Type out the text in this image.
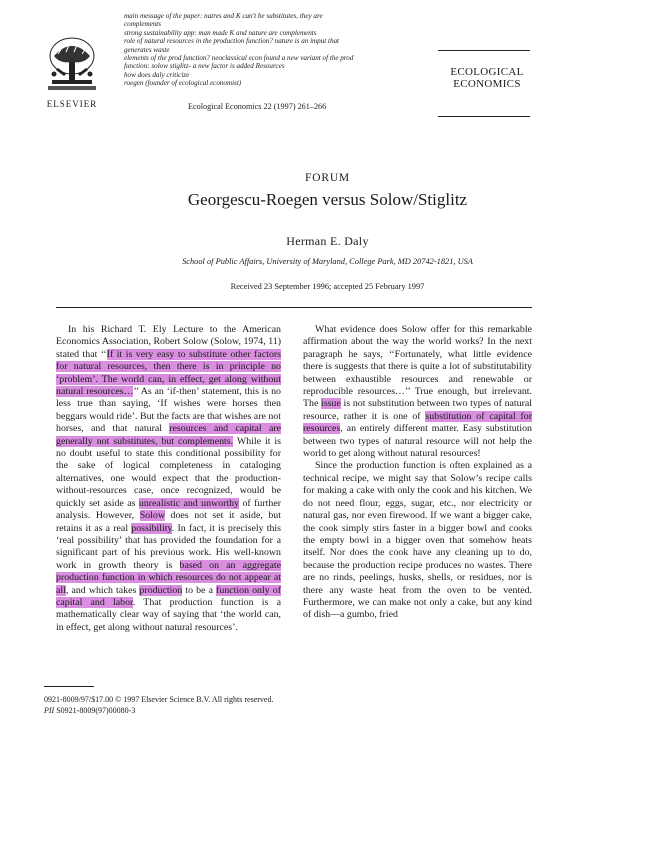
main message of the paper: natres and K can't be substitutes, they are
complements
strong sustainability app: man made K and nature are complements
role of natural resources in the production function? nature is an imput that
generates waste
elements of the prod function? neoclassical econ found a new variant of the prod
function: solow stiglitz- a new factor is added Resources
how does daly criticize
roegen (founder of ecological economist)
ELSEVIER	Ecological Economics 22 (1997) 261–266
ECOLOGICAL
ECONOMICS
FORUM
Georgescu-Roegen versus Solow/Stiglitz
Herman E. Daly
School of Public Affairs, University of Maryland, College Park, MD 20742-1821, USA
Received 23 September 1996; accepted 25 February 1997

In his Richard T. Ely Lecture to the American Economics Association, Robert Solow (Solow, 1974, 11) stated that ‘‘If it is very easy to substitute other factors for natural resources, then there is in principle no ‘problem’. The world can, in effect, get along without natural resources…’’ As an ‘if-then’ statement, this is no less true than saying, ‘If wishes were horses then beggars would ride’. But the facts are that wishes are not horses, and that natural resources and capital are generally not substitutes, but complements. While it is no doubt useful to state this conditional possibility for the sake of logical completeness in cataloging alternatives, one would expect that the production-without-resources case, once recognized, would be quickly set aside as unrealistic and unworthy of further analysis. However, Solow does not set it aside, but retains it as a real possibility. In fact, it is precisely this ‘real possibility’ that has provided the foundation for a significant part of his previous work. His well-known work in growth theory is based on an aggregate production function in which resources do not appear at all, and which takes production to be a function only of capital and labor. That production function is a mathematically clear way of saying that ‘the world can, in effect, get along without natural resources’.

What evidence does Solow offer for this remarkable affirmation about the way the world works? In the next paragraph he says, ‘‘Fortunately, what little evidence there is suggests that there is quite a lot of substitutability between exhaustible resources and renewable or reproducible resources…’’ True enough, but irrelevant. The issue is not substitution between two types of natural resource, rather it is one of substitution of capital for resources, an entirely different matter. Easy substitution between two types of natural resource will not help the world to get along without natural resources!

Since the production function is often explained as a technical recipe, we might say that Solow’s recipe calls for making a cake with only the cook and his kitchen. We do not need flour, eggs, sugar, etc., nor electricity or natural gas, nor even firewood. If we want a bigger cake, the cook simply stirs faster in a bigger bowl and cooks the empty bowl in a bigger oven that somehow heats itself. Nor does the cook have any cleaning up to do, because the production recipe produces no wastes. There are no rinds, peelings, husks, shells, or residues, nor is there any waste heat from the oven to be vented. Furthermore, we can make not only a cake, but any kind of dish—a gumbo, fried

0921-8009/97/$17.00 © 1997 Elsevier Science B.V. All rights reserved.
PII S0921-8009(97)00080-3
